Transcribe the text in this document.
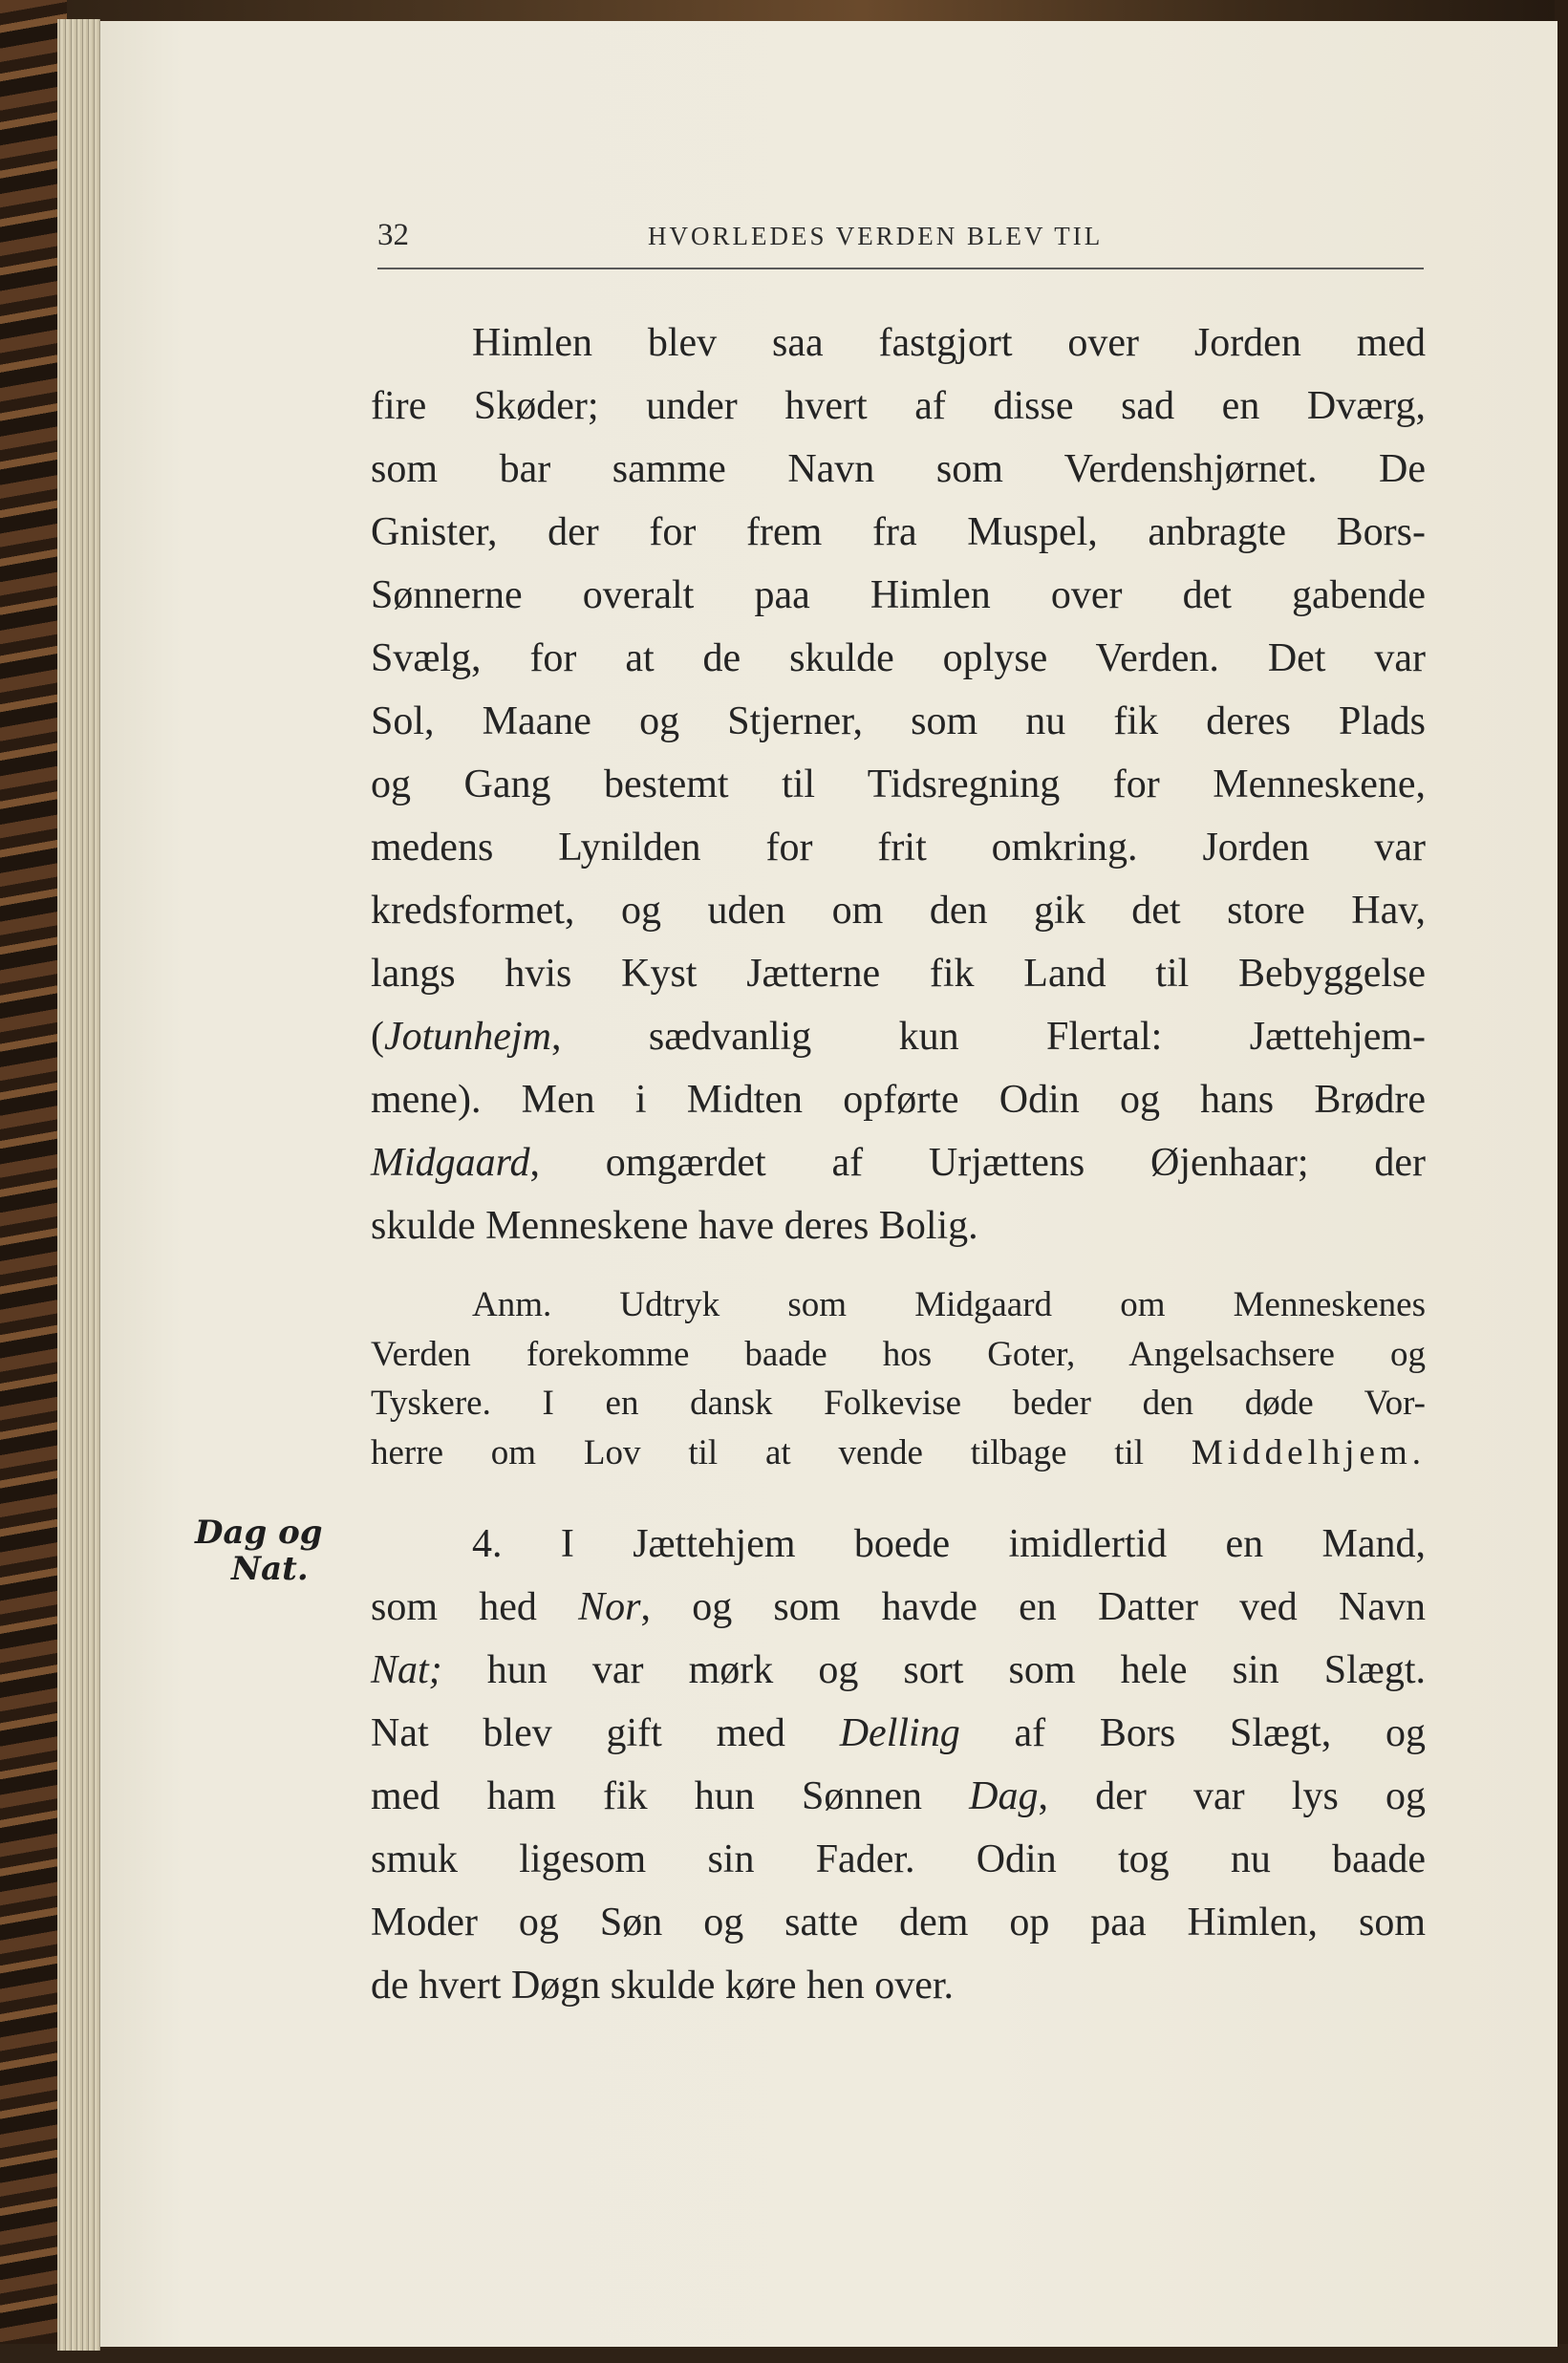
32	HVORLEDES VERDEN BLEV TIL
Himlen blev saa fastgjort over Jorden med
fire Skøder; under hvert af disse sad en Dværg,
som bar samme Navn som Verdenshjørnet. De
Gnister, der for frem fra Muspel, anbragte Bors-
Sønnerne overalt paa Himlen over det gabende
Svælg, for at de skulde oplyse Verden. Det var
Sol, Maane og Stjerner, som nu fik deres Plads
og Gang bestemt til Tidsregning for Menneskene,
medens Lynilden for frit omkring. Jorden var
kredsformet, og uden om den gik det store Hav,
langs hvis Kyst Jætterne fik Land til Bebyggelse
(Jotunhejm, sædvanlig kun Flertal: Jættehjem-
mene). Men i Midten opførte Odin og hans Brødre
Midgaard, omgærdet af Urjættens Øjenhaar; der
skulde Menneskene have deres Bolig.
Anm. Udtryk som Midgaard om Menneskenes
Verden forekomme baade hos Goter, Angelsachsere og
Tyskere. I en dansk Folkevise beder den døde Vor-
herre om Lov til at vende tilbage til Middelhjem.
Dag og
Nat.
4. I Jættehjem boede imidlertid en Mand,
som hed Nor, og som havde en Datter ved Navn
Nat; hun var mørk og sort som hele sin Slægt.
Nat blev gift med Delling af Bors Slægt, og
med ham fik hun Sønnen Dag, der var lys og
smuk ligesom sin Fader. Odin tog nu baade
Moder og Søn og satte dem op paa Himlen, som
de hvert Døgn skulde køre hen over.
